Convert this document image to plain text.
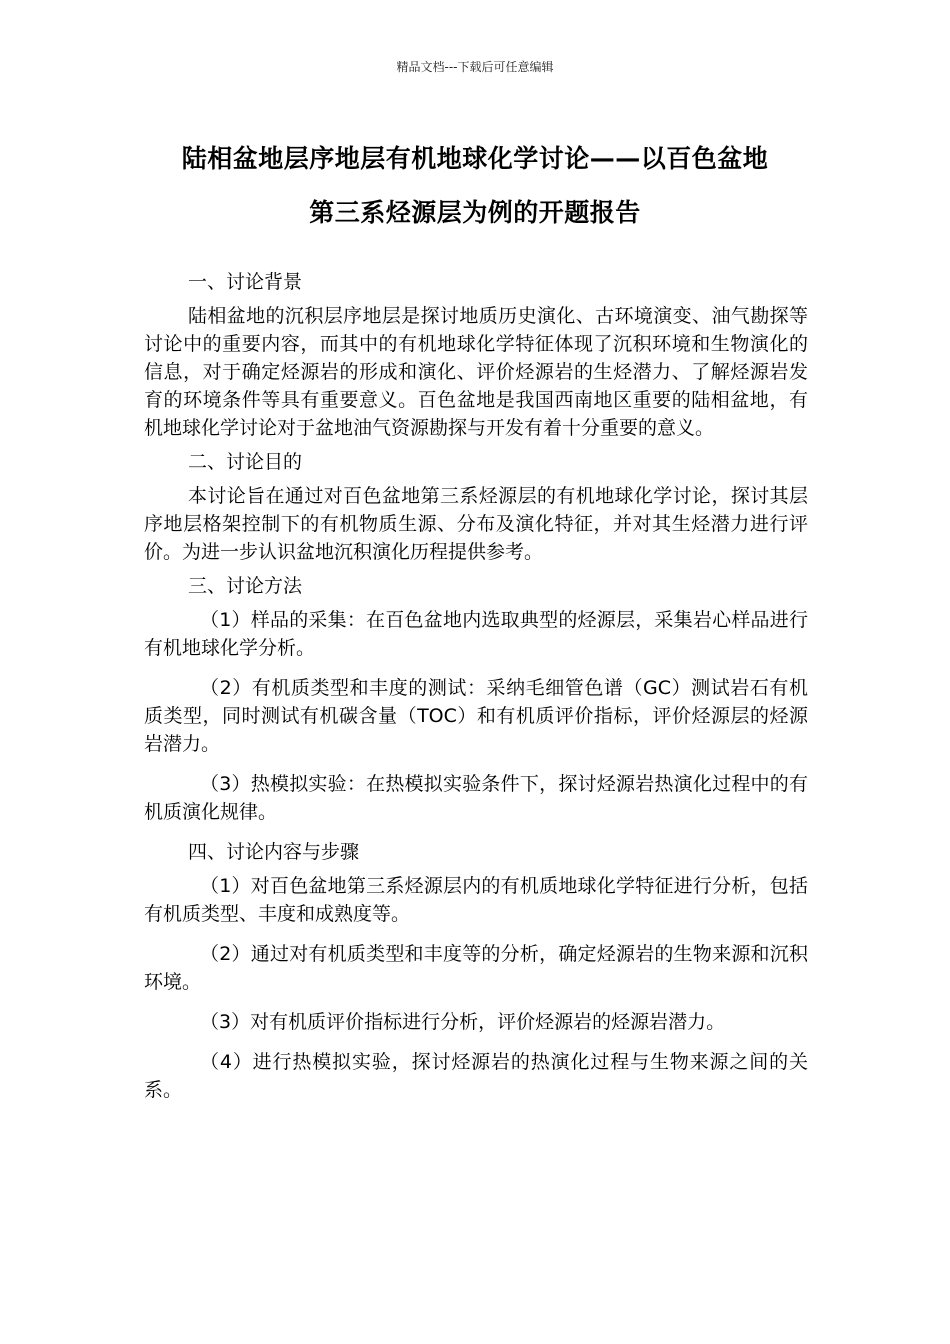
精品文档---下载后可任意编辑
陆相盆地层序地层有机地球化学讨论——以百色盆地
第三系烃源层为例的开题报告

一、讨论背景

陆相盆地的沉积层序地层是探讨地质历史演化、古环境演变、油气勘探等讨论中的重要内容，而其中的有机地球化学特征体现了沉积环境和生物演化的信息，对于确定烃源岩的形成和演化、评价烃源岩的生烃潜力、了解烃源岩发育的环境条件等具有重要意义。百色盆地是我国西南地区重要的陆相盆地，有机地球化学讨论对于盆地油气资源勘探与开发有着十分重要的意义。

二、讨论目的

本讨论旨在通过对百色盆地第三系烃源层的有机地球化学讨论，探讨其层序地层格架控制下的有机物质生源、分布及演化特征，并对其生烃潜力进行评价。为进一步认识盆地沉积演化历程提供参考。

三、讨论方法

（1）样品的采集：在百色盆地内选取典型的烃源层，采集岩心样品进行有机地球化学分析。

（2）有机质类型和丰度的测试：采纳毛细管色谱（GC）测试岩石有机质类型，同时测试有机碳含量（TOC）和有机质评价指标，评价烃源层的烃源岩潜力。

（3）热模拟实验：在热模拟实验条件下，探讨烃源岩热演化过程中的有机质演化规律。

四、讨论内容与步骤

（1）对百色盆地第三系烃源层内的有机质地球化学特征进行分析，包括有机质类型、丰度和成熟度等。

（2）通过对有机质类型和丰度等的分析，确定烃源岩的生物来源和沉积环境。

（3）对有机质评价指标进行分析，评价烃源岩的烃源岩潜力。

（4）进行热模拟实验，探讨烃源岩的热演化过程与生物来源之间的关系。
